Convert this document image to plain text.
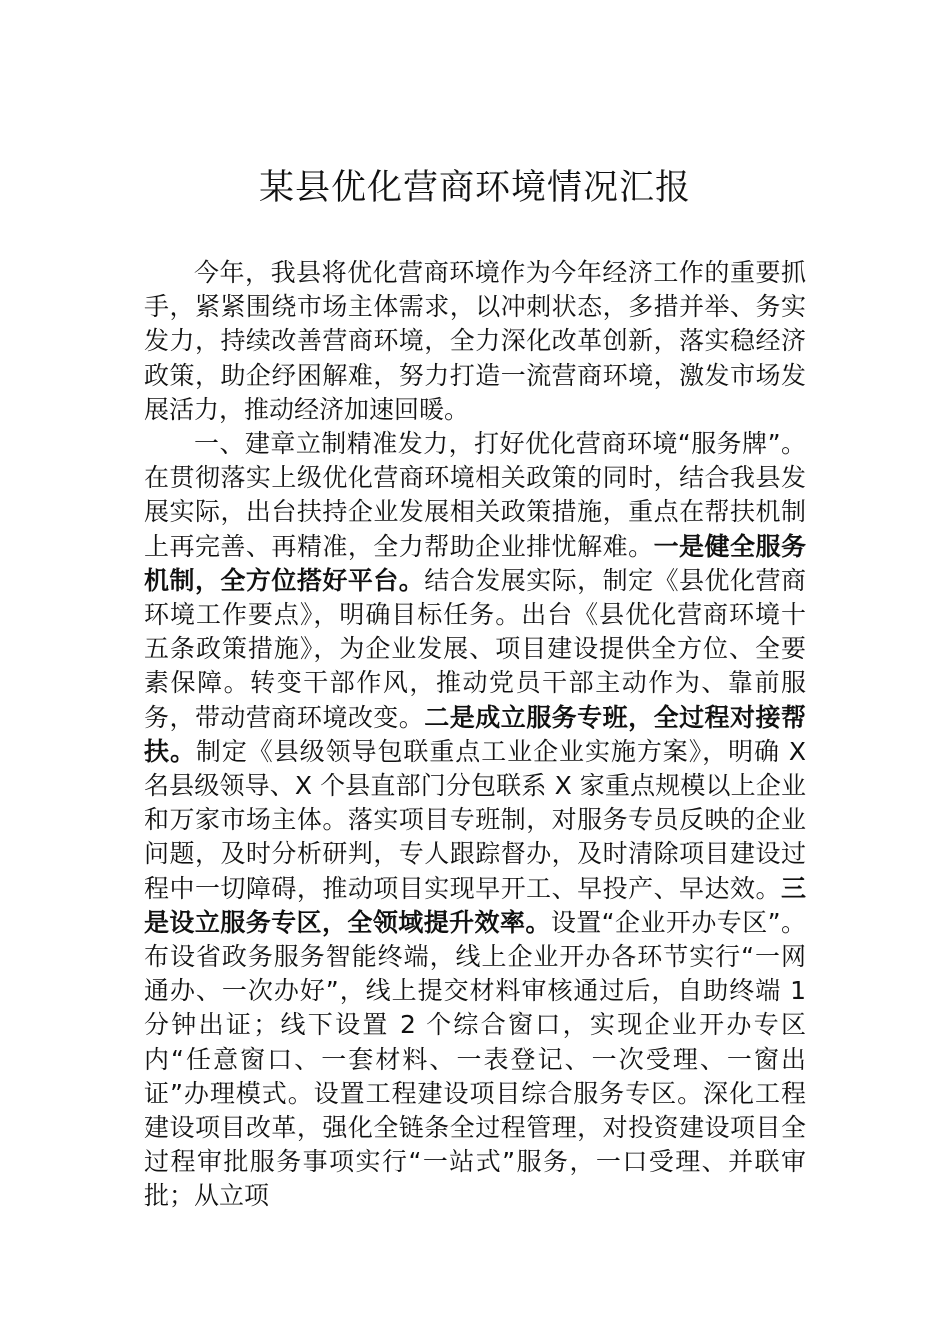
某县优化营商环境情况汇报

今年，我县将优化营商环境作为今年经济工作的重要抓手，紧紧围绕市场主体需求，以冲刺状态，多措并举、务实发力，持续改善营商环境，全力深化改革创新，落实稳经济政策，助企纾困解难，努力打造一流营商环境，激发市场发展活力，推动经济加速回暖。

一、建章立制精准发力，打好优化营商环境“服务牌”。在贯彻落实上级优化营商环境相关政策的同时，结合我县发展实际，出台扶持企业发展相关政策措施，重点在帮扶机制上再完善、再精准，全力帮助企业排忧解难。一是健全服务机制，全方位搭好平台。结合发展实际，制定《县优化营商环境工作要点》，明确目标任务。出台《县优化营商环境十五条政策措施》，为企业发展、项目建设提供全方位、全要素保障。转变干部作风，推动党员干部主动作为、靠前服务，带动营商环境改变。二是成立服务专班，全过程对接帮扶。制定《县级领导包联重点工业企业实施方案》，明确 X 名县级领导、X 个县直部门分包联系 X 家重点规模以上企业和万家市场主体。落实项目专班制，对服务专员反映的企业问题，及时分析研判，专人跟踪督办，及时清除项目建设过程中一切障碍，推动项目实现早开工、早投产、早达效。三是设立服务专区，全领域提升效率。设置“企业开办专区”。布设省政务服务智能终端，线上企业开办各环节实行“一网通办、一次办好”，线上提交材料审核通过后，自助终端 1 分钟出证；线下设置 2 个综合窗口，实现企业开办专区内“任意窗口、一套材料、一表登记、一次受理、一窗出证”办理模式。设置工程建设项目综合服务专区。深化工程建设项目改革，强化全链条全过程管理，对投资建设项目全过程审批服务事项实行“一站式”服务，一口受理、并联审批；从立项
